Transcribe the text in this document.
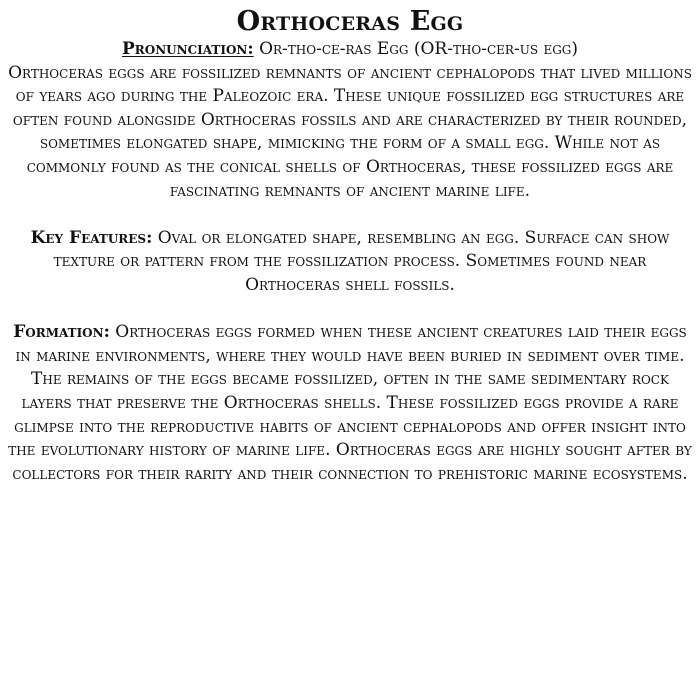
Orthoceras Egg
Pronunciation: Or-tho-ce-ras Egg (OR-tho-cer-us egg)
Orthoceras eggs are fossilized remnants of ancient cephalopods that lived millions of years ago during the Paleozoic era. These unique fossilized egg structures are often found alongside Orthoceras fossils and are characterized by their rounded, sometimes elongated shape, mimicking the form of a small egg. While not as commonly found as the conical shells of Orthoceras, these fossilized eggs are fascinating remnants of ancient marine life.

Key Features: Oval or elongated shape, resembling an egg. Surface can show texture or pattern from the fossilization process. Sometimes found near Orthoceras shell fossils.

Formation: Orthoceras eggs formed when these ancient creatures laid their eggs in marine environments, where they would have been buried in sediment over time. The remains of the eggs became fossilized, often in the same sedimentary rock layers that preserve the Orthoceras shells. These fossilized eggs provide a rare glimpse into the reproductive habits of ancient cephalopods and offer insight into the evolutionary history of marine life. Orthoceras eggs are highly sought after by collectors for their rarity and their connection to prehistoric marine ecosystems.
